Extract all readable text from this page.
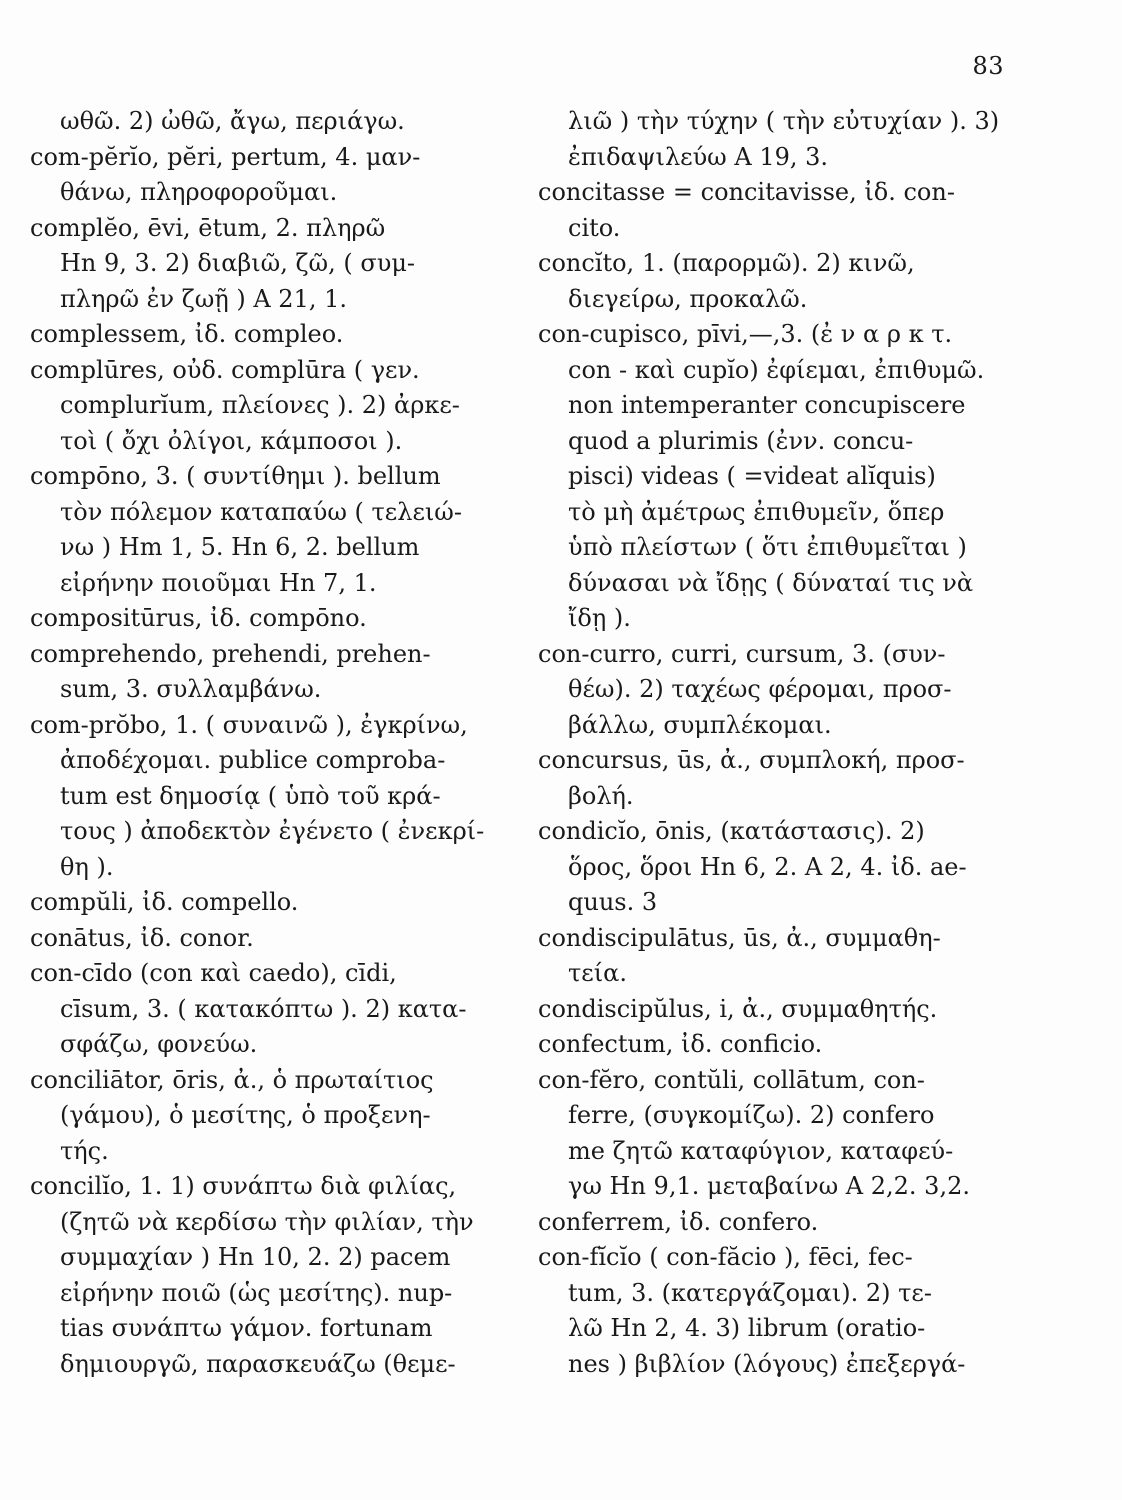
83
ωθῶ. 2) ὠθῶ, ἄγω, περιάγω.
com-pĕrĭo, pĕri, pertum, 4. μαν-
θάνω, πληροφοροῦμαι.
complĕo, ēvi, ētum, 2. πληρῶ
Hn 9, 3. 2) διαβιῶ, ζῶ, ( συμ-
πληρῶ ἐν ζωῇ ) A 21, 1.
complessem, ἰδ. compleo.
complūres, οὐδ. complūra ( γεν.
complurĭum, πλείονες ). 2) ἀρκε-
τοὶ ( ὄχι ὀλίγοι, κάμποσοι ).
compōno, 3. ( συντίθημι ). bellum
τὸν πόλεμον καταπαύω ( τελειώ-
νω ) Hm 1, 5. Hn 6, 2. bellum
εἰρήνην ποιοῦμαι Hn 7, 1.
compositūrus, ἰδ. compōno.
comprehendo, prehendi, prehen-
sum, 3. συλλαμβάνω.
com-prŏbo, 1. ( συναινῶ ), ἐγκρίνω,
ἀποδέχομαι. publice comproba-
tum est δημοσίᾳ ( ὑπὸ τοῦ κρά-
τους ) ἀποδεκτὸν ἐγένετο ( ἐνεκρί-
θη ).
compŭli, ἰδ. compello.
conātus, ἰδ. conor.
con-cīdo (con καὶ caedo), cīdi,
cīsum, 3. ( κατακόπτω ). 2) κατα-
σφάζω, φονεύω.
conciliātor, ōris, ἀ., ὁ πρωταίτιος
(γάμου), ὁ μεσίτης, ὁ προξενη-
τής.
concilĭo, 1. 1) συνάπτω διὰ φιλίας,
(ζητῶ νὰ κερδίσω τὴν φιλίαν, τὴν
συμμαχίαν ) Hn 10, 2. 2) pacem
εἰρήνην ποιῶ (ὡς μεσίτης). nup-
tias συνάπτω γάμον. fortunam
δημιουργῶ, παρασκευάζω (θεμε-
λιῶ ) τὴν τύχην ( τὴν εὐτυχίαν ). 3)
ἐπιδαψιλεύω A 19, 3.
concitasse = concitavisse, ἰδ. con-
cito.
concĭto, 1. (παρορμῶ). 2) κινῶ,
διεγείρω, προκαλῶ.
con-cupisco, pīvi,—,3. (ἐ ν α ρ κ τ.
con - καὶ cupĭo) ἐφίεμαι, ἐπιθυμῶ.
non intemperanter concupiscere
quod a plurimis (ἐνν. concu-
pisci) videas ( =videat alĭquis)
τὸ μὴ ἀμέτρως ἐπιθυμεῖν, ὅπερ
ὑπὸ πλείστων ( ὅτι ἐπιθυμεῖται )
δύνασαι νὰ ἴδῃς ( δύναταί τις νὰ
ἴδῃ ).
con-curro, curri, cursum, 3. (συν-
θέω). 2) ταχέως φέρομαι, προσ-
βάλλω, συμπλέκομαι.
concursus, ūs, ἀ., συμπλοκή, προσ-
βολή.
condicĭo, ōnis, (κατάστασις). 2)
ὅρος, ὅροι Hn 6, 2. A 2, 4. ἰδ. ae-
quus. 3
condiscipulātus, ūs, ἀ., συμμαθη-
τεία.
condiscipŭlus, i, ἀ., συμμαθητής.
confectum, ἰδ. conficio.
con-fĕro, contŭli, collātum, con-
ferre, (συγκομίζω). 2) confero
me ζητῶ καταφύγιον, καταφεύ-
γω Hn 9,1. μεταβαίνω A 2,2. 3,2.
conferrem, ἰδ. confero.
con-fĭcĭo ( con-făcio ), fēci, fec-
tum, 3. (κατεργάζομαι). 2) τε-
λῶ Hn 2, 4. 3) librum (oratio-
nes ) βιβλίον (λόγους) ἐπεξεργά-
